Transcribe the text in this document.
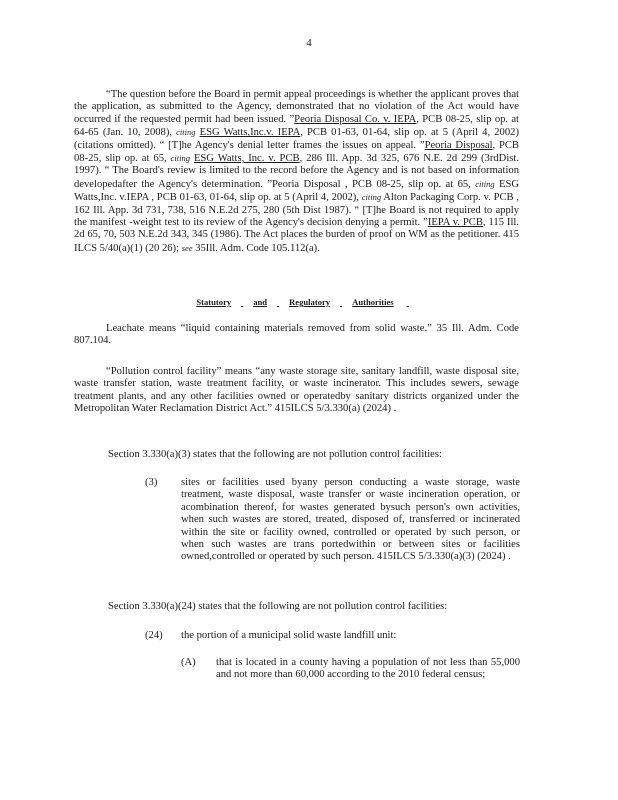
4
“The question before the Board in permit appeal proceedings is whether the applicant proves that the application, as submitted to the Agency, demonstrated that no violation of the Act would have occurred if the requested permit had been issued. ”Peoria Disposal Co. v. IEPA, PCB 08-25, slip op. at 64-65 (Jan. 10, 2008), citing ESG Watts,Inc.v. IEPA, PCB 01-63, 01-64, slip op. at 5 (April 4, 2002) (citations omitted). “ [T]he Agency's denial letter frames the issues on appeal. ”Peoria Disposal, PCB 08-25, slip op. at 65, citing ESG Watts, Inc. v. PCB, 286 Ill. App. 3d 325, 676 N.E. 2d 299 (3rdDist. 1997). “ The Board's review is limited to the record before the Agency and is not based on information developedafter the Agency's determination. ”Peoria Disposal , PCB 08-25, slip op. at 65, citing ESG Watts,Inc. v.IEPA , PCB 01-63, 01-64, slip op. at 5 (April 4, 2002), citing Alton Packaging Corp. v. PCB , 162 Ill. App. 3d 731, 738, 516 N.E.2d 275, 280 (5th Dist 1987). “ [T]he Board is not required to apply the manifest -weight test to its review of the Agency's decision denying a permit. ”IEPA v. PCB, 115 Ill. 2d 65, 70, 503 N.E.2d 343, 345 (1986). The Act places the burden of proof on WM as the petitioner. 415 ILCS 5/40(a)(1) (20 26); see 35Ill. Adm. Code 105.112(a).
Statutory	and	Regulatory	Authorities
Leachate means “liquid containing materials removed from solid waste.” 35 Ill. Adm. Code 807.104.
“Pollution control facility” means “any waste storage site, sanitary landfill, waste disposal site, waste transfer station, waste treatment facility, or waste incinerator. This includes sewers, sewage treatment plants, and any other facilities owned or operatedby sanitary districts organized under the Metropolitan Water Reclamation District Act.” 415ILCS 5/3.330(a) (2024) .
Section 3.330(a)(3) states that the following are not pollution control facilities:
(3) sites or facilities used byany person conducting a waste storage, waste treatment, waste disposal, waste transfer or waste incineration operation, or acombination thereof, for wastes generated bysuch person's own activities, when such wastes are stored, treated, disposed of, transferred or incinerated within the site or facility owned, controlled or operated by such person, or when such wastes are trans portedwithin or between sites or facilities owned,controlled or operated by such person. 415ILCS 5/3.330(a)(3) (2024) .
Section 3.330(a)(24) states that the following are not pollution control facilities:
(24) the portion of a municipal solid waste landfill unit:
(A) that is located in a county having a population of not less than 55,000 and not more than 60,000 according to the 2010 federal census;
